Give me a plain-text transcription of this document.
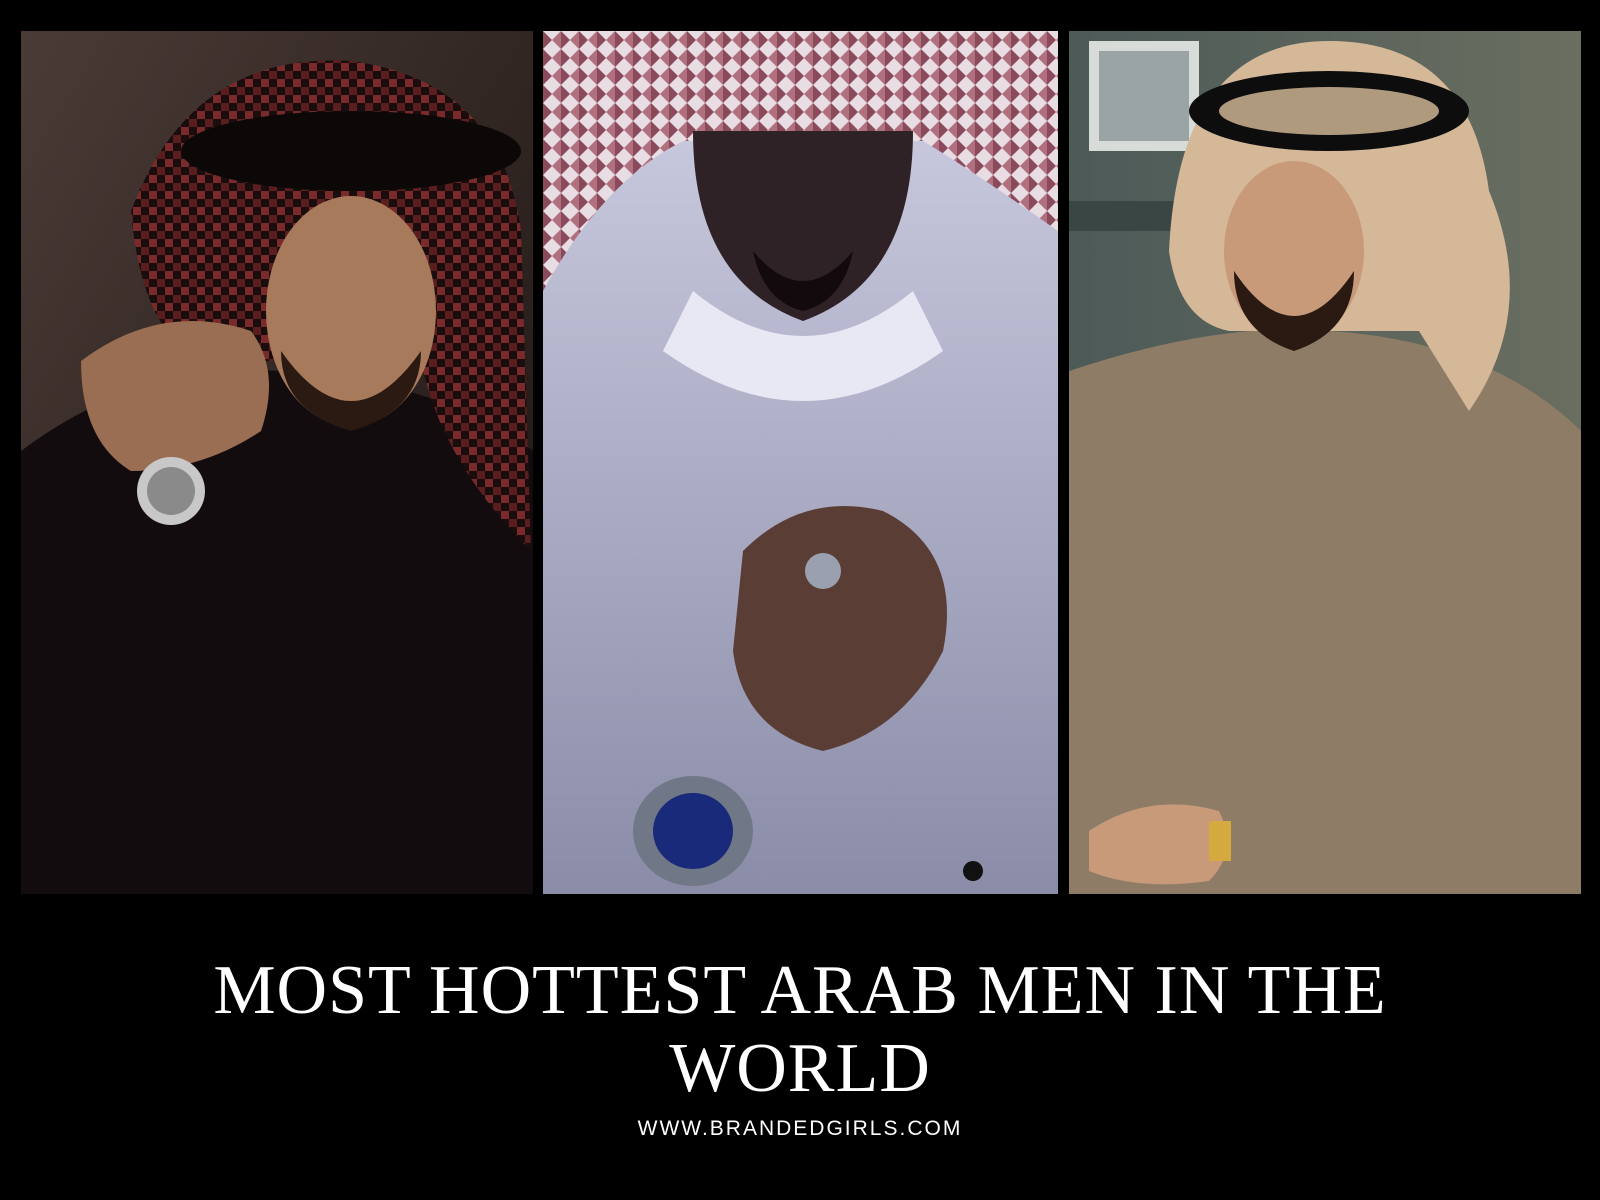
MOST HOTTEST ARAB MEN IN THE
WORLD
WWW.BRANDEDGIRLS.COM
